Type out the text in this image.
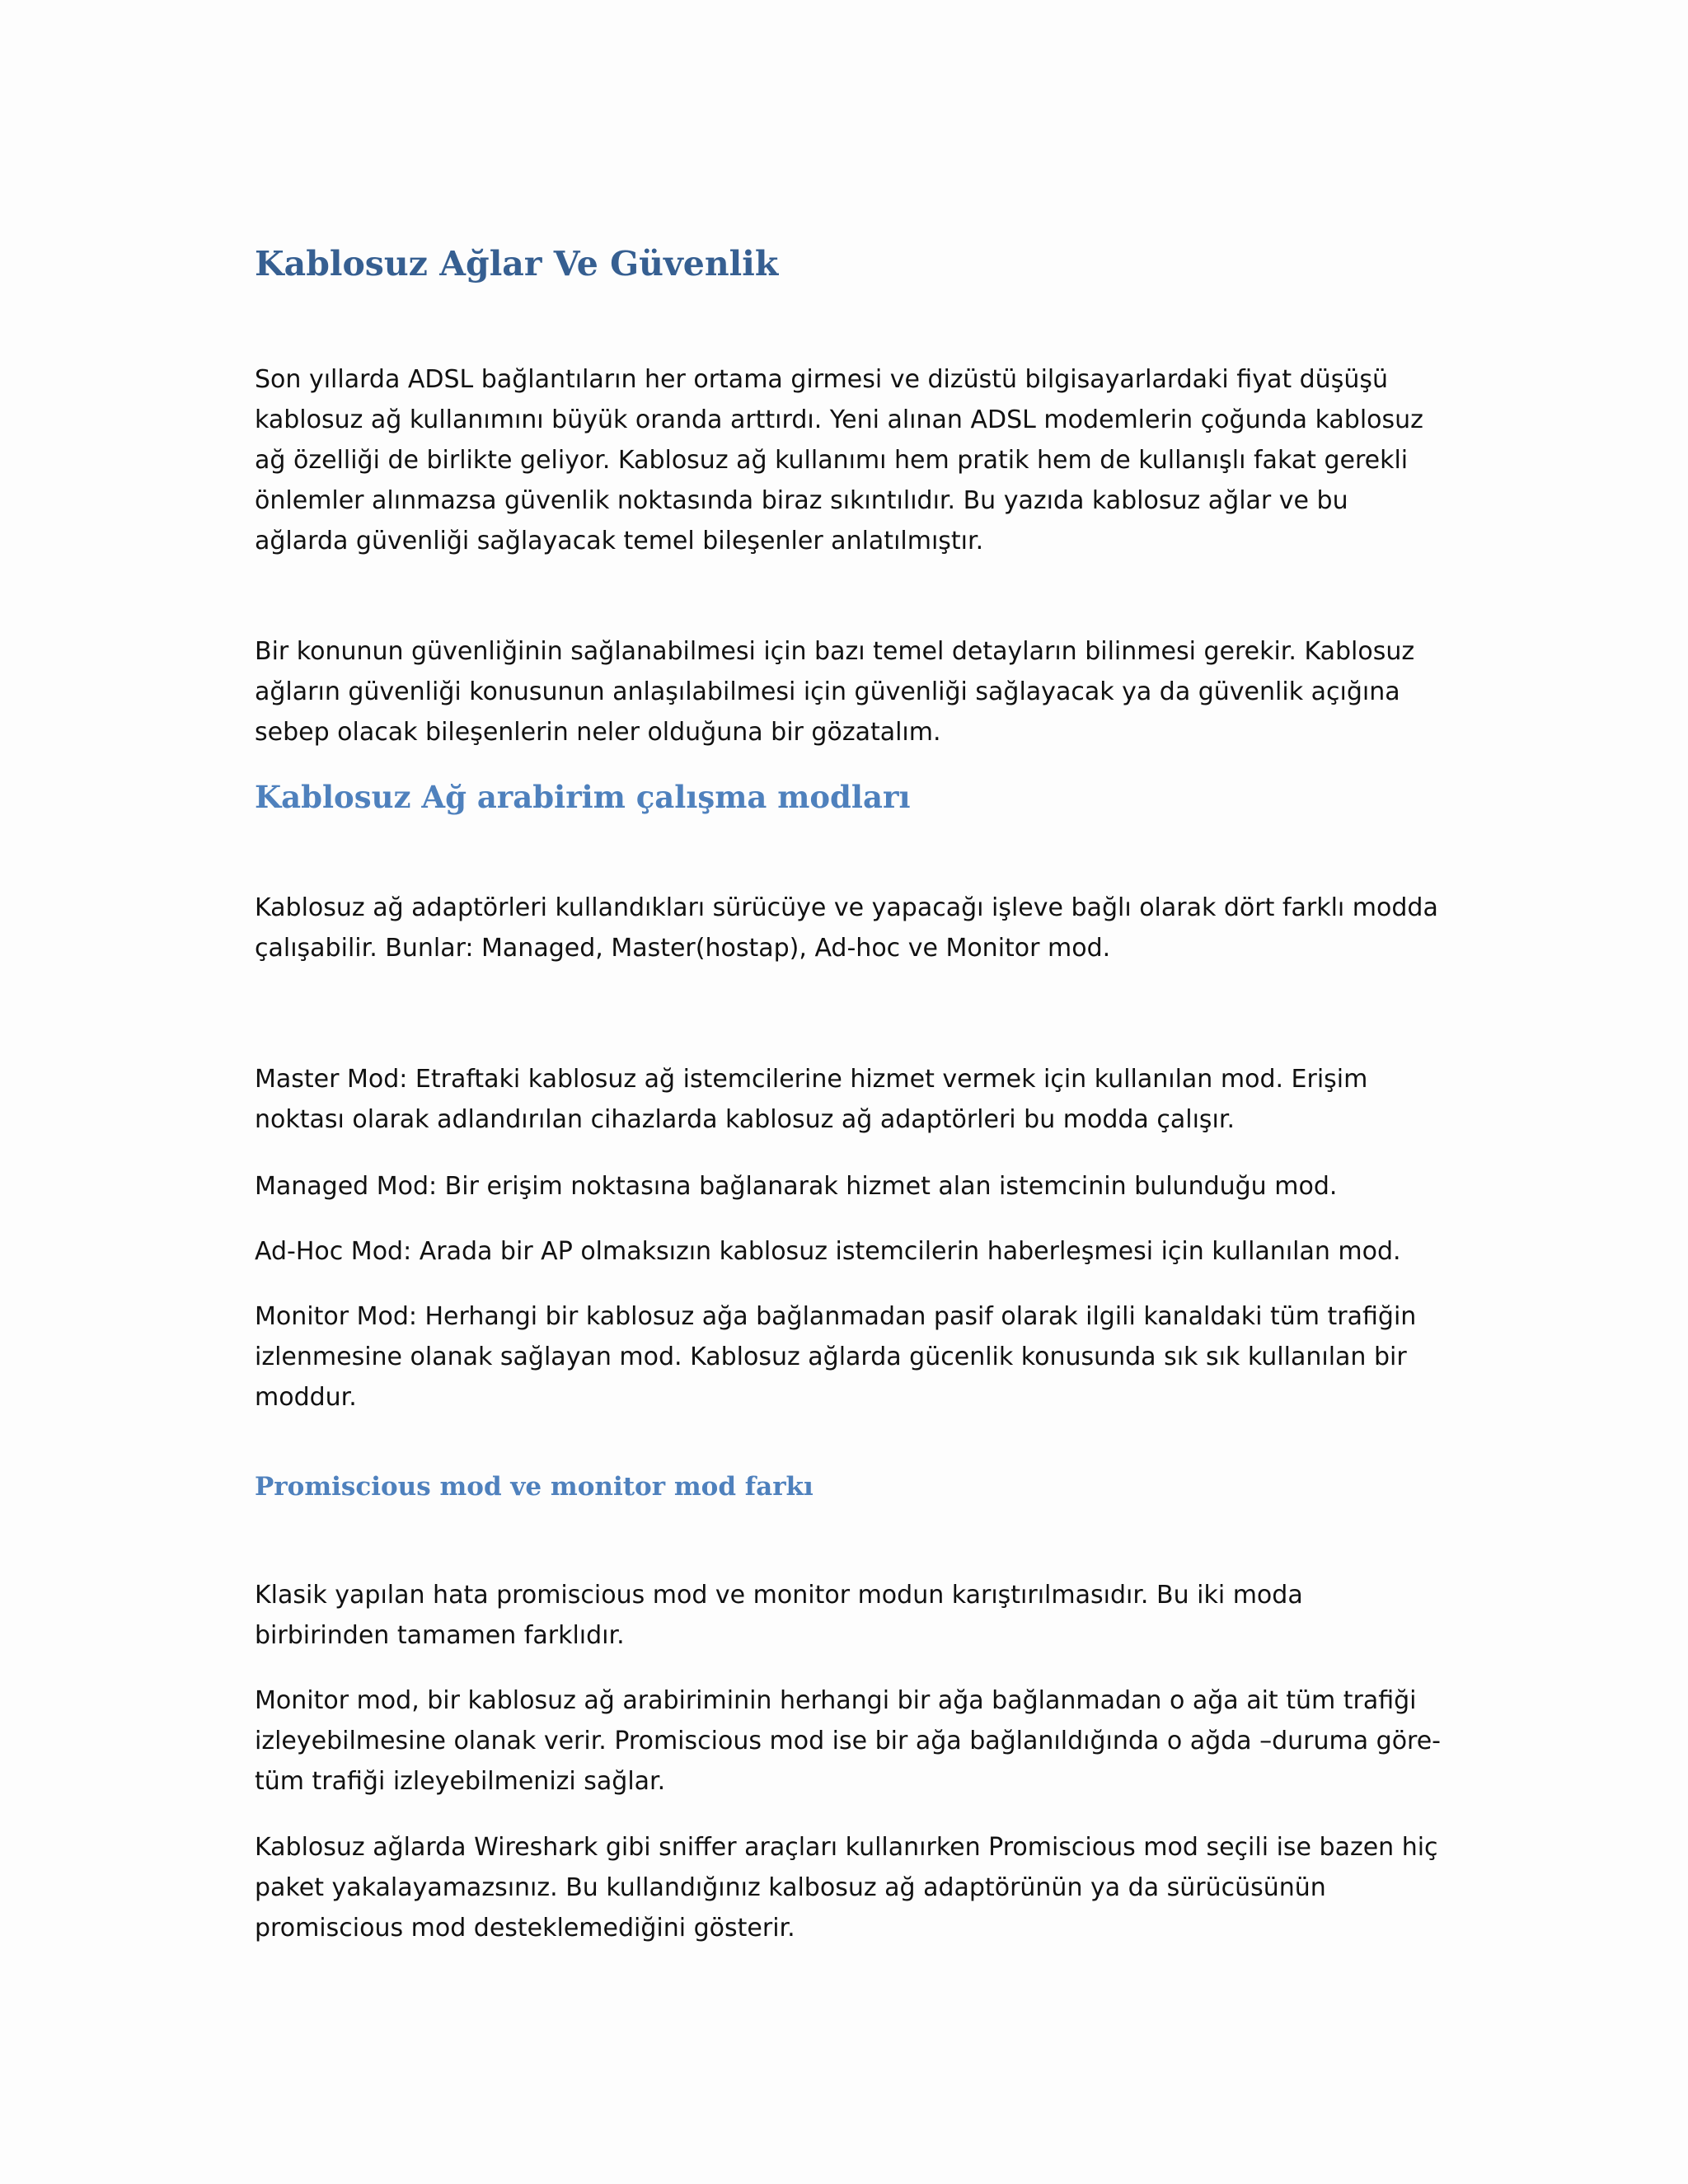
Kablosuz Ağlar Ve Güvenlik

Son yıllarda ADSL bağlantıların her ortama girmesi ve dizüstü bilgisayarlardaki fiyat düşüşü kablosuz ağ kullanımını büyük oranda arttırdı. Yeni alınan ADSL modemlerin çoğunda kablosuz ağ özelliği de birlikte geliyor. Kablosuz ağ kullanımı hem pratik hem de kullanışlı fakat gerekli önlemler alınmazsa güvenlik noktasında biraz sıkıntılıdır. Bu yazıda kablosuz ağlar ve bu ağlarda güvenliği sağlayacak temel bileşenler anlatılmıştır.

Bir konunun güvenliğinin sağlanabilmesi için bazı temel detayların bilinmesi gerekir. Kablosuz ağların güvenliği konusunun anlaşılabilmesi için güvenliği sağlayacak ya da güvenlik açığına sebep olacak bileşenlerin neler olduğuna bir gözatalım.

Kablosuz Ağ arabirim çalışma modları

Kablosuz ağ adaptörleri kullandıkları sürücüye ve yapacağı işleve bağlı olarak dört farklı modda çalışabilir. Bunlar: Managed, Master(hostap), Ad-hoc ve Monitor mod.

Master Mod: Etraftaki kablosuz ağ istemcilerine hizmet vermek için kullanılan mod. Erişim noktası olarak adlandırılan cihazlarda kablosuz ağ adaptörleri bu modda çalışır.

Managed Mod: Bir erişim noktasına bağlanarak hizmet alan istemcinin bulunduğu mod.

Ad-Hoc Mod: Arada bir AP olmaksızın kablosuz istemcilerin haberleşmesi için kullanılan mod.

Monitor Mod: Herhangi bir kablosuz ağa bağlanmadan pasif olarak ilgili kanaldaki tüm trafiğin izlenmesine olanak sağlayan mod. Kablosuz ağlarda gücenlik konusunda sık sık kullanılan bir moddur.

Promiscious mod ve monitor mod farkı

Klasik yapılan hata promiscious mod ve monitor modun karıştırılmasıdır. Bu iki moda birbirinden tamamen farklıdır.

Monitor mod, bir kablosuz ağ arabiriminin herhangi bir ağa bağlanmadan o ağa ait tüm trafiği izleyebilmesine olanak verir. Promiscious mod ise bir ağa bağlanıldığında o ağda –duruma göre- tüm trafiği izleyebilmenizi sağlar.

Kablosuz ağlarda Wireshark gibi sniffer araçları kullanırken Promiscious mod seçili ise bazen hiç paket yakalayamazsınız. Bu kullandığınız kalbosuz ağ adaptörünün ya da sürücüsünün promiscious mod desteklemediğini gösterir.
